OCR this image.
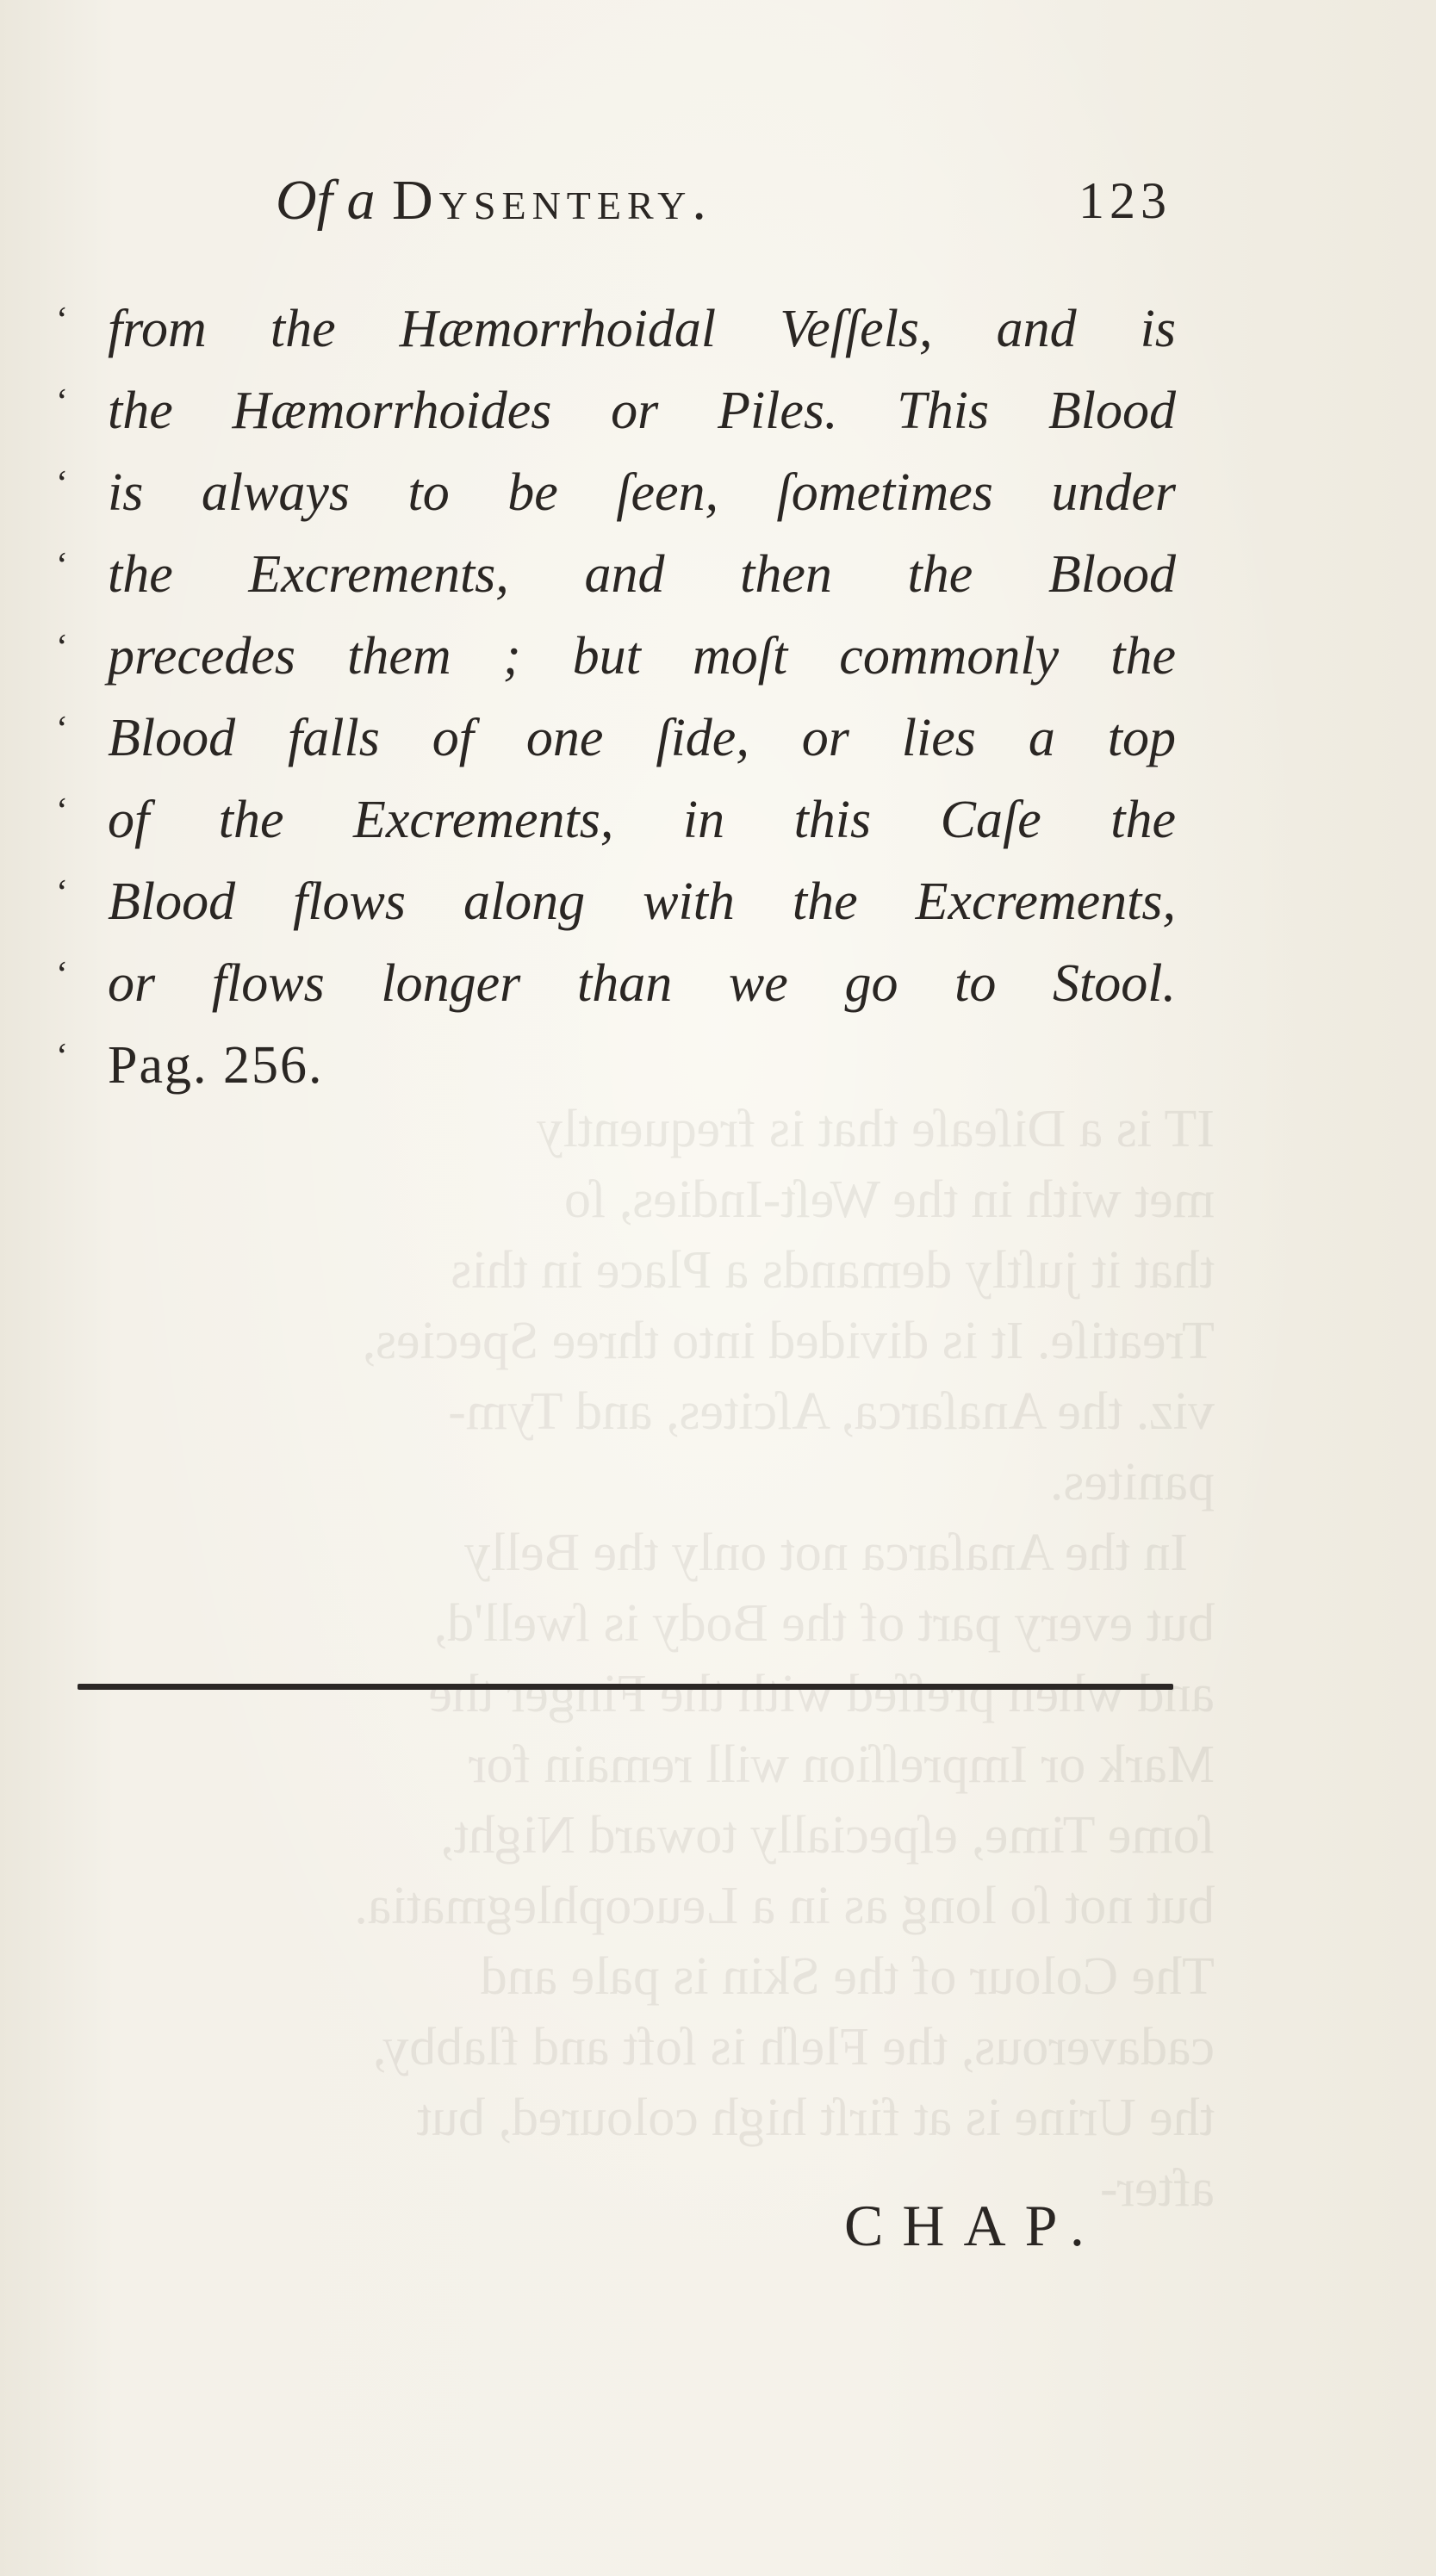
IT is a Diſeaſe that is frequently
met with in the Weſt-Indies, ſo
that it juſtly demands a Place in this
Treatiſe. It is divided into three Species,
viz. the Anaſarca, Aſcites, and Tym-
panites.
In the Anaſarca not only the Belly
but every part of the Body is ſwell'd,
and when preſſed with the Finger the
Mark or Impreſſion will remain for
ſome Time, eſpecially toward Night,
but not ſo long as in a Leucophlegmatia.
The Colour of the Skin is pale and
cadaverous, the Fleſh is ſoft and flabby,
the Urine is at firſt high coloured, but
after-
Of a Dysentery.	123
‘ from the Hæmorrhoidal Veſſels, and is
‘ the Hæmorrhoides or Piles. This Blood
‘ is always to be ſeen, ſometimes under
‘ the Excrements, and then the Blood
‘ precedes them ; but moſt commonly the
‘ Blood falls of one ſide, or lies a top
‘ of the Excrements, in this Caſe the
‘ Blood flows along with the Excrements,
‘ or flows longer than we go to Stool.
‘ Pag. 256.
CHAP.
